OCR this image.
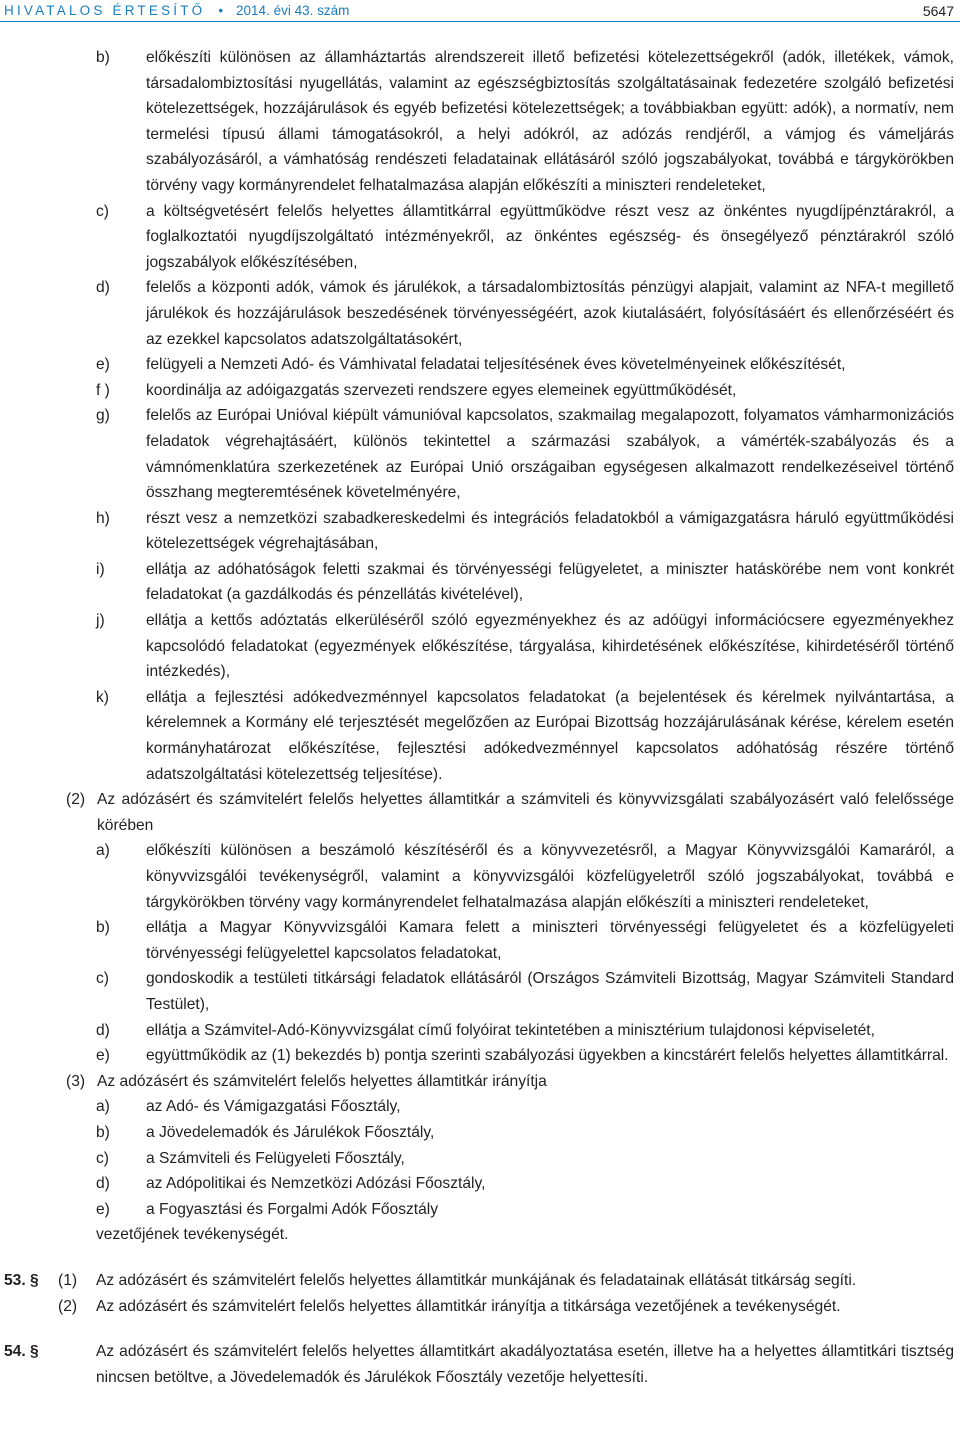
HIVATALOS ÉRTESÍTŐ • 2014. évi 43. szám	5647
b)	előkészíti különösen az államháztartás alrendszereit illető befizetési kötelezettségekről (adók, illetékek, vámok, társadalombiztosítási nyugellátás, valamint az egészségbiztosítás szolgáltatásainak fedezetére szolgáló befizetési kötelezettségek, hozzájárulások és egyéb befizetési kötelezettségek; a továbbiakban együtt: adók), a normatív, nem termelési típusú állami támogatásokról, a helyi adókról, az adózás rendjéről, a vámjog és vámeljárás szabályozásáról, a vámhatóság rendészeti feladatainak ellátásáról szóló jogszabályokat, továbbá e tárgykörökben törvény vagy kormányrendelet felhatalmazása alapján előkészíti a miniszteri rendeleteket,
c)	a költségvetésért felelős helyettes államtitkárral együttműködve részt vesz az önkéntes nyugdíjpénztárakról, a foglalkoztatói nyugdíjszolgáltató intézményekről, az önkéntes egészség- és önsegélyező pénztárakról szóló jogszabályok előkészítésében,
d)	felelős a központi adók, vámok és járulékok, a társadalombiztosítás pénzügyi alapjait, valamint az NFA-t megillető járulékok és hozzájárulások beszedésének törvényességéért, azok kiutalásáért, folyósításáért és ellenőrzéséért és az ezekkel kapcsolatos adatszolgáltatásokért,
e)	felügyeli a Nemzeti Adó- és Vámhivatal feladatai teljesítésének éves követelményeinek előkészítését,
f )	koordinálja az adóigazgatás szervezeti rendszere egyes elemeinek együttműködését,
g)	felelős az Európai Unióval kiépült vámunióval kapcsolatos, szakmailag megalapozott, folyamatos vámharmonizációs feladatok végrehajtásáért, különös tekintettel a származási szabályok, a vámérték-szabályozás és a vámnómenklatúra szerkezetének az Európai Unió országaiban egységesen alkalmazott rendelkezéseivel történő összhang megteremtésének követelményére,
h)	részt vesz a nemzetközi szabadkereskedelmi és integrációs feladatokból a vámigazgatásra háruló együttműködési kötelezettségek végrehajtásában,
i)	ellátja az adóhatóságok feletti szakmai és törvényességi felügyeletet, a miniszter hatáskörébe nem vont konkrét feladatokat (a gazdálkodás és pénzellátás kivételével),
j)	ellátja a kettős adóztatás elkerüléséről szóló egyezményekhez és az adóügyi információcsere egyezményekhez kapcsolódó feladatokat (egyezmények előkészítése, tárgyalása, kihirdetésének előkészítése, kihirdetéséről történő intézkedés),
k)	ellátja a fejlesztési adókedvezménnyel kapcsolatos feladatokat (a bejelentések és kérelmek nyilvántartása, a kérelemnek a Kormány elé terjesztését megelőzően az Európai Bizottság hozzájárulásának kérése, kérelem esetén kormányhatározat előkészítése, fejlesztési adókedvezménnyel kapcsolatos adóhatóság részére történő adatszolgáltatási kötelezettség teljesítése).
(2) Az adózásért és számvitelért felelős helyettes államtitkár a számviteli és könyvvizsgálati szabályozásért való felelőssége körében
a)	előkészíti különösen a beszámoló készítéséről és a könyvvezetésről, a Magyar Könyvvizsgálói Kamaráról, a könyvvizsgálói tevékenységről, valamint a könyvvizsgálói közfelügyeletről szóló jogszabályokat, továbbá e tárgykörökben törvény vagy kormányrendelet felhatalmazása alapján előkészíti a miniszteri rendeleteket,
b)	ellátja a Magyar Könyvvizsgálói Kamara felett a miniszteri törvényességi felügyeletet és a közfelügyeleti törvényességi felügyelettel kapcsolatos feladatokat,
c)	gondoskodik a testületi titkársági feladatok ellátásáról (Országos Számviteli Bizottság, Magyar Számviteli Standard Testület),
d)	ellátja a Számvitel-Adó-Könyvvizsgálat című folyóirat tekintetében a minisztérium tulajdonosi képviseletét,
e)	együttműködik az (1) bekezdés b) pontja szerinti szabályozási ügyekben a kincstárért felelős helyettes államtitkárral.
(3) Az adózásért és számvitelért felelős helyettes államtitkár irányítja
a)	az Adó- és Vámigazgatási Főosztály,
b)	a Jövedelemadók és Járulékok Főosztály,
c)	a Számviteli és Felügyeleti Főosztály,
d)	az Adópolitikai és Nemzetközi Adózási Főosztály,
e)	a Fogyasztási és Forgalmi Adók Főosztály
vezetőjének tevékenységét.
53. §	(1)	Az adózásért és számvitelért felelős helyettes államtitkár munkájának és feladatainak ellátását titkárság segíti.
(2)	Az adózásért és számvitelért felelős helyettes államtitkár irányítja a titkársága vezetőjének a tevékenységét.
54. §	Az adózásért és számvitelért felelős helyettes államtitkárt akadályoztatása esetén, illetve ha a helyettes államtitkári tisztség nincsen betöltve, a Jövedelemadók és Járulékok Főosztály vezetője helyettesíti.
